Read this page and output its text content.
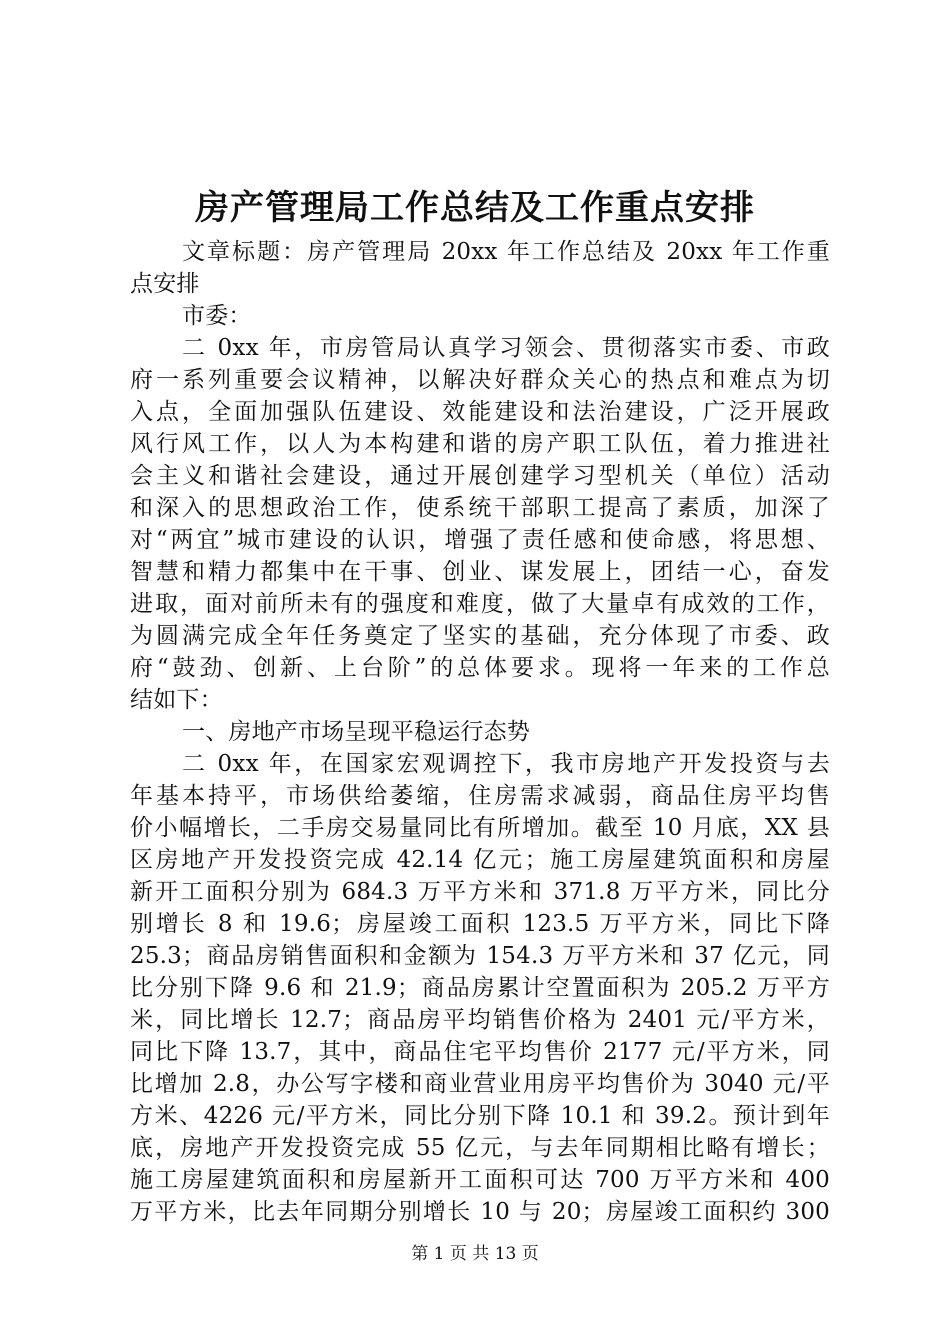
房产管理局工作总结及工作重点安排
文章标题：房产管理局 20xx 年工作总结及 20xx 年工作重
点安排
市委：
二 0xx 年，市房管局认真学习领会、贯彻落实市委、市政
府一系列重要会议精神，以解决好群众关心的热点和难点为切
入点，全面加强队伍建设、效能建设和法治建设，广泛开展政
风行风工作，以人为本构建和谐的房产职工队伍，着力推进社
会主义和谐社会建设，通过开展创建学习型机关（单位）活动
和深入的思想政治工作，使系统干部职工提高了素质，加深了
对“两宜”城市建设的认识，增强了责任感和使命感，将思想、
智慧和精力都集中在干事、创业、谋发展上，团结一心，奋发
进取，面对前所未有的强度和难度，做了大量卓有成效的工作，
为圆满完成全年任务奠定了坚实的基础，充分体现了市委、政
府“鼓劲、创新、上台阶”的总体要求。现将一年来的工作总
结如下：
一、房地产市场呈现平稳运行态势
二 0xx 年，在国家宏观调控下，我市房地产开发投资与去
年基本持平，市场供给萎缩，住房需求减弱，商品住房平均售
价小幅增长，二手房交易量同比有所增加。截至 10 月底，XX 县
区房地产开发投资完成 42.14 亿元；施工房屋建筑面积和房屋
新开工面积分别为 684.3 万平方米和 371.8 万平方米，同比分
别增长 8 和 19.6；房屋竣工面积 123.5 万平方米，同比下降
25.3；商品房销售面积和金额为 154.3 万平方米和 37 亿元，同
比分别下降 9.6 和 21.9；商品房累计空置面积为 205.2 万平方
米，同比增长 12.7；商品房平均销售价格为 2401 元/平方米，
同比下降 13.7，其中，商品住宅平均售价 2177 元/平方米，同
比增加 2.8，办公写字楼和商业营业用房平均售价为 3040 元/平
方米、4226 元/平方米，同比分别下降 10.1 和 39.2。预计到年
底，房地产开发投资完成 55 亿元，与去年同期相比略有增长；
施工房屋建筑面积和房屋新开工面积可达 700 万平方米和 400
万平方米，比去年同期分别增长 10 与 20；房屋竣工面积约 300
第 1 页 共 13 页
